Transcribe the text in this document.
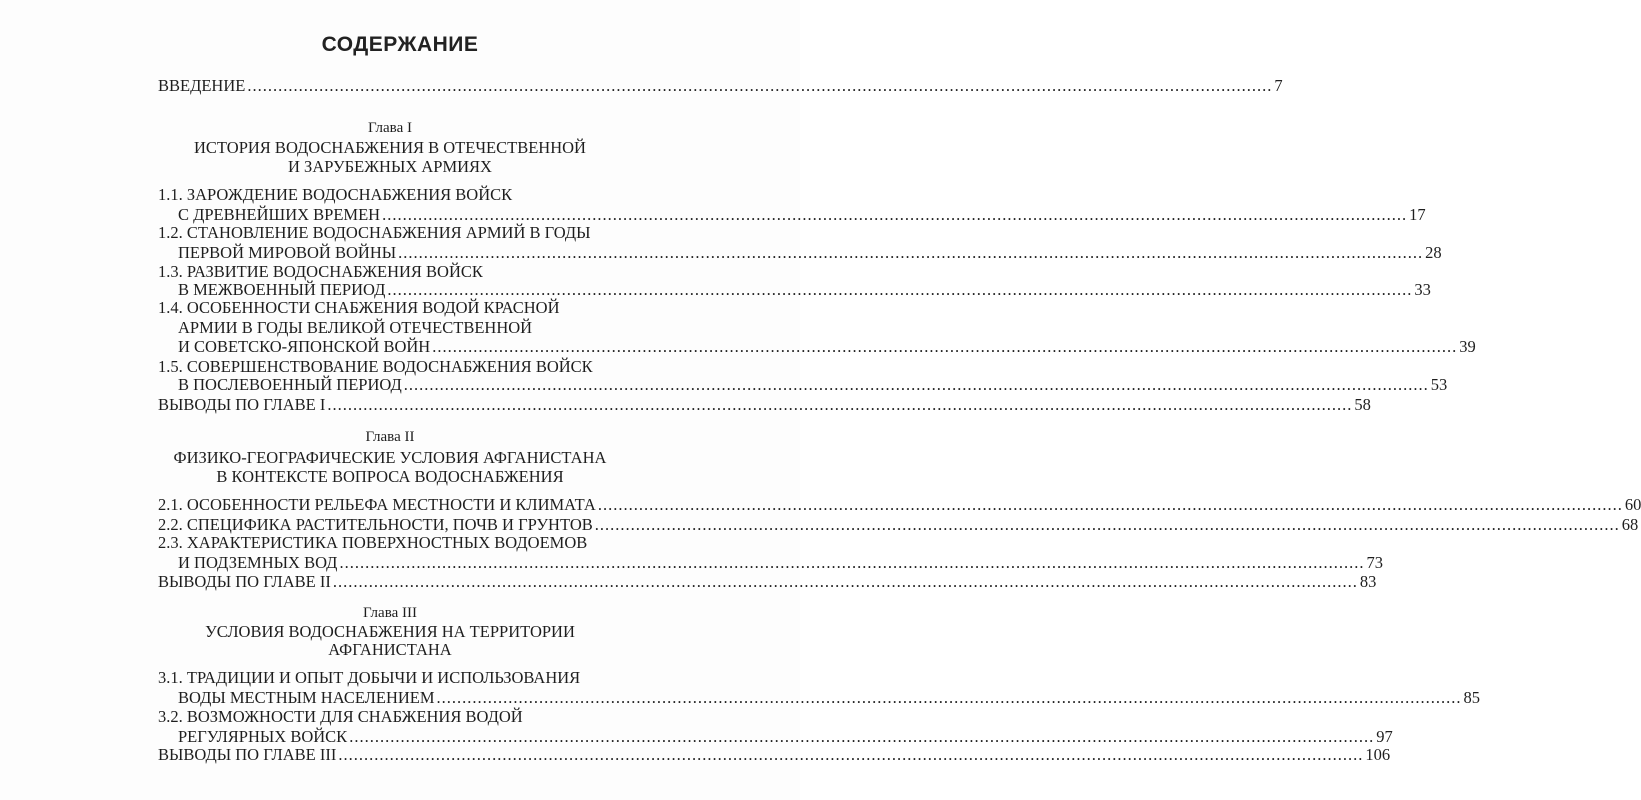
СОДЕРЖАНИЕ
ВВЕДЕНИЕ ........................................................................................................................................................................................................ 7
Глава I
ИСТОРИЯ ВОДОСНАБЖЕНИЯ В ОТЕЧЕСТВЕННОЙ
И ЗАРУБЕЖНЫХ АРМИЯХ
1.1. ЗАРОЖДЕНИЕ ВОДОСНАБЖЕНИЯ ВОЙСК
С ДРЕВНЕЙШИХ ВРЕМЕН ........................................................................................................................................................................................................ 17
1.2. СТАНОВЛЕНИЕ ВОДОСНАБЖЕНИЯ АРМИЙ В ГОДЫ
ПЕРВОЙ МИРОВОЙ ВОЙНЫ ........................................................................................................................................................................................................ 28
1.3. РАЗВИТИЕ ВОДОСНАБЖЕНИЯ ВОЙСК
В МЕЖВОЕННЫЙ ПЕРИОД ........................................................................................................................................................................................................ 33
1.4. ОСОБЕННОСТИ СНАБЖЕНИЯ ВОДОЙ КРАСНОЙ
АРМИИ В ГОДЫ ВЕЛИКОЙ ОТЕЧЕСТВЕННОЙ
И СОВЕТСКО-ЯПОНСКОЙ ВОЙН ........................................................................................................................................................................................................ 39
1.5. СОВЕРШЕНСТВОВАНИЕ ВОДОСНАБЖЕНИЯ ВОЙСК
В ПОСЛЕВОЕННЫЙ ПЕРИОД ........................................................................................................................................................................................................ 53
ВЫВОДЫ ПО ГЛАВЕ I ........................................................................................................................................................................................................ 58
Глава II
ФИЗИКО-ГЕОГРАФИЧЕСКИЕ УСЛОВИЯ АФГАНИСТАНА
В КОНТЕКСТЕ ВОПРОСА ВОДОСНАБЖЕНИЯ
2.1. ОСОБЕННОСТИ РЕЛЬЕФА МЕСТНОСТИ И КЛИМАТА ........................................................................................................................................................................................................ 60
2.2. СПЕЦИФИКА РАСТИТЕЛЬНОСТИ, ПОЧВ И ГРУНТОВ ........................................................................................................................................................................................................ 68
2.3. ХАРАКТЕРИСТИКА ПОВЕРХНОСТНЫХ ВОДОЕМОВ
И ПОДЗЕМНЫХ ВОД ........................................................................................................................................................................................................ 73
ВЫВОДЫ ПО ГЛАВЕ II ........................................................................................................................................................................................................ 83
Глава III
УСЛОВИЯ ВОДОСНАБЖЕНИЯ НА ТЕРРИТОРИИ
АФГАНИСТАНА
3.1. ТРАДИЦИИ И ОПЫТ ДОБЫЧИ И ИСПОЛЬЗОВАНИЯ
ВОДЫ МЕСТНЫМ НАСЕЛЕНИЕМ ........................................................................................................................................................................................................ 85
3.2. ВОЗМОЖНОСТИ ДЛЯ СНАБЖЕНИЯ ВОДОЙ
РЕГУЛЯРНЫХ ВОЙСК ........................................................................................................................................................................................................ 97
ВЫВОДЫ ПО ГЛАВЕ III ........................................................................................................................................................................................................ 106
